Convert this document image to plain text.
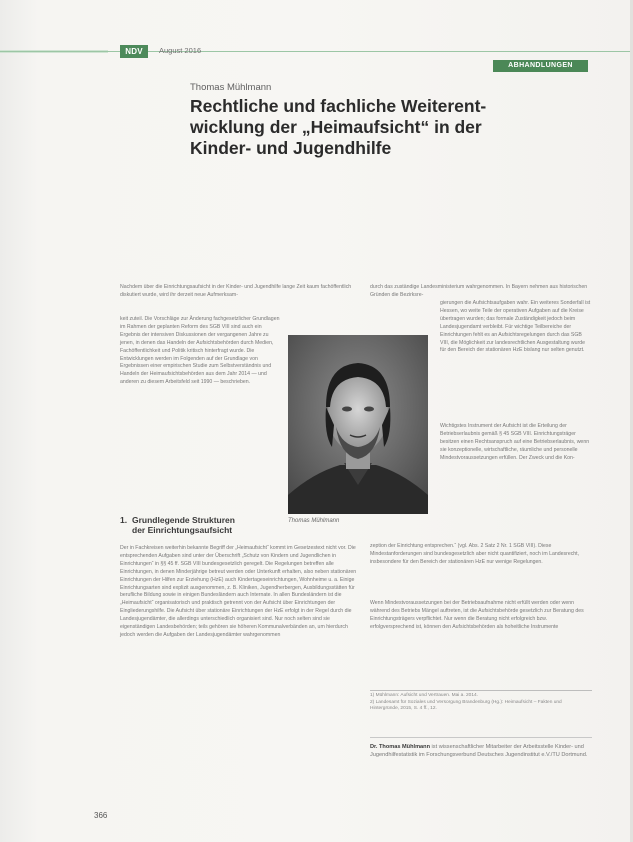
NDV	August 2016
ABHANDLUNGEN
Thomas Mühlmann
Rechtliche und fachliche Weiterent-
wicklung der „Heimaufsicht“ in der
Kinder- und Jugendhilfe

Nachdem über die Einrichtungsaufsicht in der Kinder- und Jugendhilfe lange Zeit kaum fachöffentlich diskutiert wurde, wird ihr derzeit neue Aufmerksam-

keit zuteil. Die Vorschläge zur Änderung fachgesetzlicher Grundlagen im Rahmen der geplanten Reform des SGB VIII sind auch ein Ergebnis der intensiven Diskussionen der vergangenen Jahre zu jenen, in denen das Handeln der Aufsichtsbehörden durch Medien, Fachöffentlichkeit und Politik kritisch hinterfragt wurde. Die Entwicklungen werden im Folgenden auf der Grundlage von Ergebnissen einer empirischen Studie zum Selbstverständnis und Handeln der Heimaufsichtsbehörden aus dem Jahr 2014 — und anderen zu diesem Arbeitsfeld seit 1990 — beschrieben.

Thomas Mühlmann
1. Grundlegende Strukturen
der Einrichtungsaufsicht

Der in Fachkreisen weiterhin bekannte Begriff der „Heimaufsicht“ kommt im Gesetzestext nicht vor. Die entsprechenden Aufgaben sind unter der Überschrift „Schutz von Kindern und Jugendlichen in Einrichtungen“ in §§ 45 ff. SGB VIII bundesgesetzlich geregelt. Die Regelungen betreffen alle Einrichtungen, in denen Minderjährige betreut werden oder Unterkunft erhalten, also neben stationären Einrichtungen der Hilfen zur Erziehung (HzE) auch Kindertageseinrichtungen, Wohnheime u. a. Einige Einrichtungsarten sind explizit ausgenommen, z. B. Kliniken, Jugendherbergen, Ausbildungsstätten für berufliche Bildung sowie in einigen Bundesländern auch Internate. In allen Bundesländern ist die „Heimaufsicht“ organisatorisch und praktisch getrennt von der Aufsicht über Einrichtungen der Eingliederungshilfe. Die Aufsicht über stationäre Einrichtungen der HzE erfolgt in der Regel durch die Landesjugendämter, die allerdings unterschiedlich organisiert sind. Nur noch selten sind sie eigenständigen Landesbehörden; teils gehören sie höheren Kommunalverbänden an, um hierdurch jedoch werden die Aufgaben der Landesjugendämter wahrgenommen

durch das zuständige Landesministerium wahrgenommen. In Bayern nehmen aus historischen Gründen die Bezirksre-

gierungen die Aufsichtsaufgaben wahr. Ein weiteres Sonderfall ist Hessen, wo weite Teile der operativen Aufgaben auf die Kreise übertragen wurden; das formale Zuständigkeit jedoch beim Landesjugendamt verbleibt. Für wichtige Teilbereiche der Einrichtungen fehlt es an Aufsichtsregelungen durch das SGB VIII, die Möglichkeit zur landesrechtlichen Ausgestaltung wurde für den Bereich der stationären HzE bislang nur selten genutzt.

Wichtigstes Instrument der Aufsicht ist die Erteilung der Betriebserlaubnis gemäß § 45 SGB VIII. Einrichtungsträger besitzen einen Rechtsanspruch auf eine Betriebserlaubnis, wenn sie konzeptionelle, wirtschaftliche, räumliche und personelle Mindestvoraussetzungen erfüllen. Der Zweck und die Kon-

zeption der Einrichtung entsprechen.“ (vgl. Abs. 2 Satz 2 Nr. 1 SGB VIII). Diese Mindestanforderungen sind bundesgesetzlich aber nicht quantifiziert, noch im Landesrecht, insbesondere für den Bereich der stationären HzE nur wenige Regelungen.

Wenn Mindestvoraussetzungen bei der Betriebsaufnahme nicht erfüllt werden oder wenn während des Betriebs Mängel auftreten, ist die Aufsichtsbehörde gesetzlich zur Beratung des Einrichtungsträgers verpflichtet. Nur wenn die Beratung nicht erfolgreich bzw. erfolgversprechend ist, können den Aufsichtsbehörden als hoheitliche Instrumente

1) Mühlmann: Aufsicht und Vertrauen. Mai a. 2014.
2) Landesamt für Soziales und Versorgung Brandenburg (Hg.): Heimaufsicht – Fakten und Hintergründe, 2015, S. 4 ff., 12.
Dr. Thomas Mühlmann ist wissenschaftlicher Mitarbeiter der Arbeitsstelle Kinder- und Jugendhilfestatistik im Forschungsverbund Deutsches Jugendinstitut e.V./TU Dortmund.
366
